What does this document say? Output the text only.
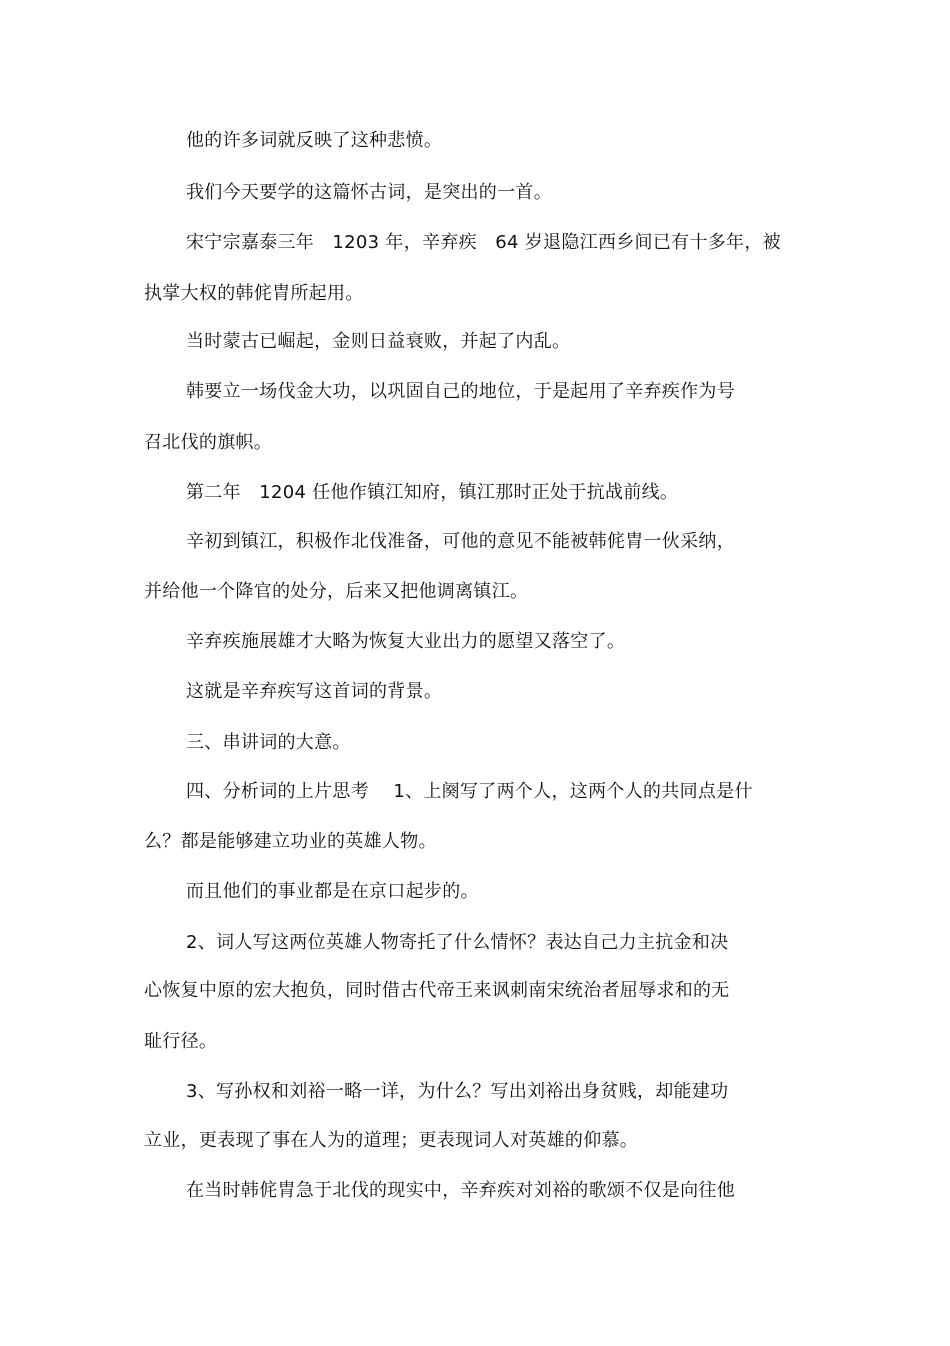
他的许多词就反映了这种悲愤。

我们今天要学的这篇怀古词，是突出的一首。

宋宁宗嘉泰三年　1203 年，辛弃疾　64 岁退隐江西乡间已有十多年，被

执掌大权的韩侂胄所起用。

当时蒙古已崛起，金则日益衰败，并起了内乱。

韩要立一场伐金大功，以巩固自己的地位，于是起用了辛弃疾作为号

召北伐的旗帜。

第二年　1204 任他作镇江知府，镇江那时正处于抗战前线。

辛初到镇江，积极作北伐准备，可他的意见不能被韩侂胄一伙采纳，

并给他一个降官的处分，后来又把他调离镇江。

辛弃疾施展雄才大略为恢复大业出力的愿望又落空了。

这就是辛弃疾写这首词的背景。

三、串讲词的大意。

四、分析词的上片思考　 1、上阕写了两个人，这两个人的共同点是什

么？都是能够建立功业的英雄人物。

而且他们的事业都是在京口起步的。

2、词人写这两位英雄人物寄托了什么情怀？表达自己力主抗金和决

心恢复中原的宏大抱负，同时借古代帝王来讽刺南宋统治者屈辱求和的无

耻行径。

3、写孙权和刘裕一略一详，为什么？写出刘裕出身贫贱，却能建功

立业，更表现了事在人为的道理；更表现词人对英雄的仰慕。

在当时韩侂胄急于北伐的现实中，辛弃疾对刘裕的歌颂不仅是向往他
